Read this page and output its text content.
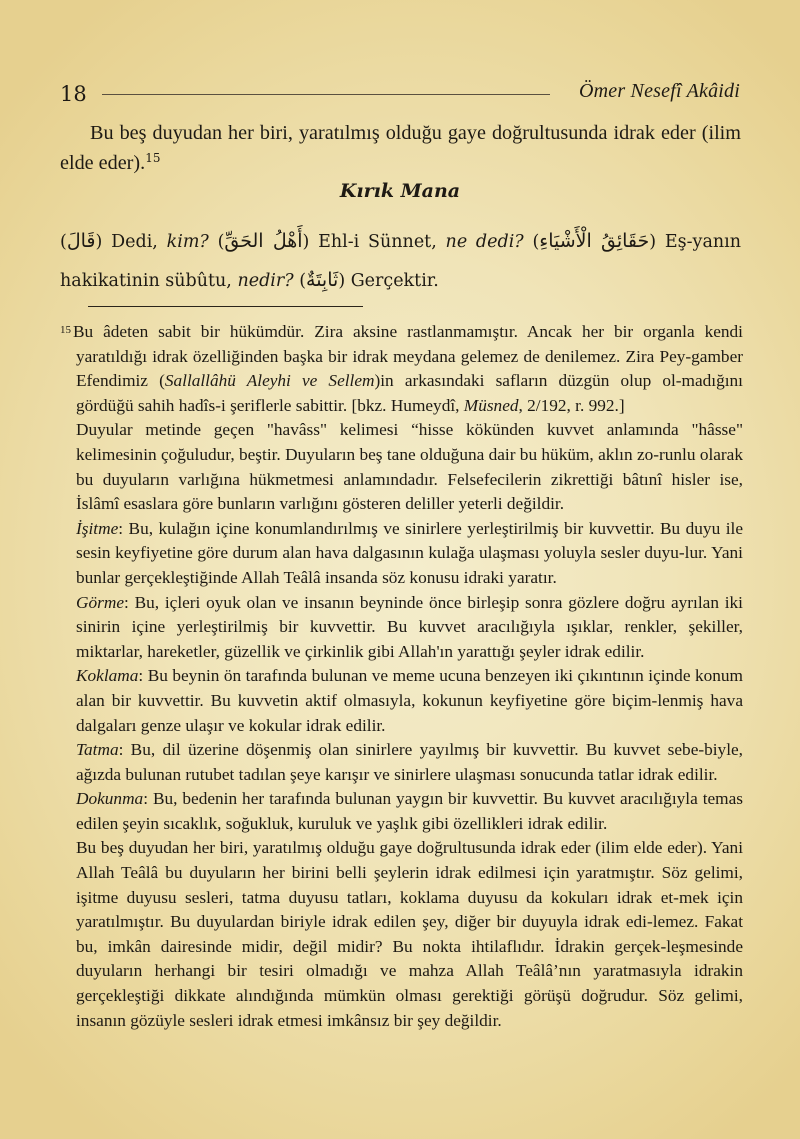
18	Ömer Nesefî Akâidi

Bu beş duyudan her biri, yaratılmış olduğu gaye doğrultusunda idrak eder (ilim elde eder).$^{15}$

Kırık Mana

(قَالَ) Dedi, kim? (أَهْلُ الحَقِّ) Ehl-i Sünnet, ne dedi? (حَقَائِقُ الْأَشْيَاءِ) Eş-yanın hakikatinin sübûtu, nedir? (ثَابِتَةٌ) Gerçektir.

$^{15}$ Bu âdeten sabit bir hükümdür. Zira aksine rastlanmamıştır. Ancak her bir organla kendi yaratıldığı idrak özelliğinden başka bir idrak meydana gelemez de denilemez. Zira Pey-gamber Efendimiz (Sallallâhü Aleyhi ve Sellem)in arkasındaki safların düzgün olup ol-madığını gördüğü sahih hadîs-i şeriflerle sabittir. [bkz. Humeydî, Müsned, 2/192, r. 992.]

Duyular metinde geçen "havâss" kelimesi “hisse kökünden kuvvet anlamında "hâsse" kelimesinin çoğuludur, beştir. Duyuların beş tane olduğuna dair bu hüküm, aklın zo-runlu olarak bu duyuların varlığına hükmetmesi anlamındadır. Felsefecilerin zikrettiği bâtınî hisler ise, İslâmî esaslara göre bunların varlığını gösteren deliller yeterli değildir.

İşitme: Bu, kulağın içine konumlandırılmış ve sinirlere yerleştirilmiş bir kuvvettir. Bu duyu ile sesin keyfiyetine göre durum alan hava dalgasının kulağa ulaşması yoluyla sesler duyu-lur. Yani bunlar gerçekleştiğinde Allah Teâlâ insanda söz konusu idraki yaratır.

Görme: Bu, içleri oyuk olan ve insanın beyninde önce birleşip sonra gözlere doğru ayrılan iki sinirin içine yerleştirilmiş bir kuvvettir. Bu kuvvet aracılığıyla ışıklar, renkler, şekiller, miktarlar, hareketler, güzellik ve çirkinlik gibi Allah'ın yarattığı şeyler idrak edilir.

Koklama: Bu beynin ön tarafında bulunan ve meme ucuna benzeyen iki çıkıntının içinde konum alan bir kuvvettir. Bu kuvvetin aktif olmasıyla, kokunun keyfiyetine göre biçim-lenmiş hava dalgaları genze ulaşır ve kokular idrak edilir.

Tatma: Bu, dil üzerine döşenmiş olan sinirlere yayılmış bir kuvvettir. Bu kuvvet sebe-biyle, ağızda bulunan rutubet tadılan şeye karışır ve sinirlere ulaşması sonucunda tatlar idrak edilir.

Dokunma: Bu, bedenin her tarafında bulunan yaygın bir kuvvettir. Bu kuvvet aracılığıyla temas edilen şeyin sıcaklık, soğukluk, kuruluk ve yaşlık gibi özellikleri idrak edilir.

Bu beş duyudan her biri, yaratılmış olduğu gaye doğrultusunda idrak eder (ilim elde eder). Yani Allah Teâlâ bu duyuların her birini belli şeylerin idrak edilmesi için yaratmıştır. Söz gelimi, işitme duyusu sesleri, tatma duyusu tatları, koklama duyusu da kokuları idrak et-mek için yaratılmıştır. Bu duyulardan biriyle idrak edilen şey, diğer bir duyuyla idrak edi-lemez. Fakat bu, imkân dairesinde midir, değil midir? Bu nokta ihtilaflıdır. İdrakin gerçek-leşmesinde duyuların herhangi bir tesiri olmadığı ve mahza Allah Teâlâ’nın yaratmasıyla idrakin gerçekleştiği dikkate alındığında mümkün olması gerektiği görüşü doğrudur. Söz gelimi, insanın gözüyle sesleri idrak etmesi imkânsız bir şey değildir.
